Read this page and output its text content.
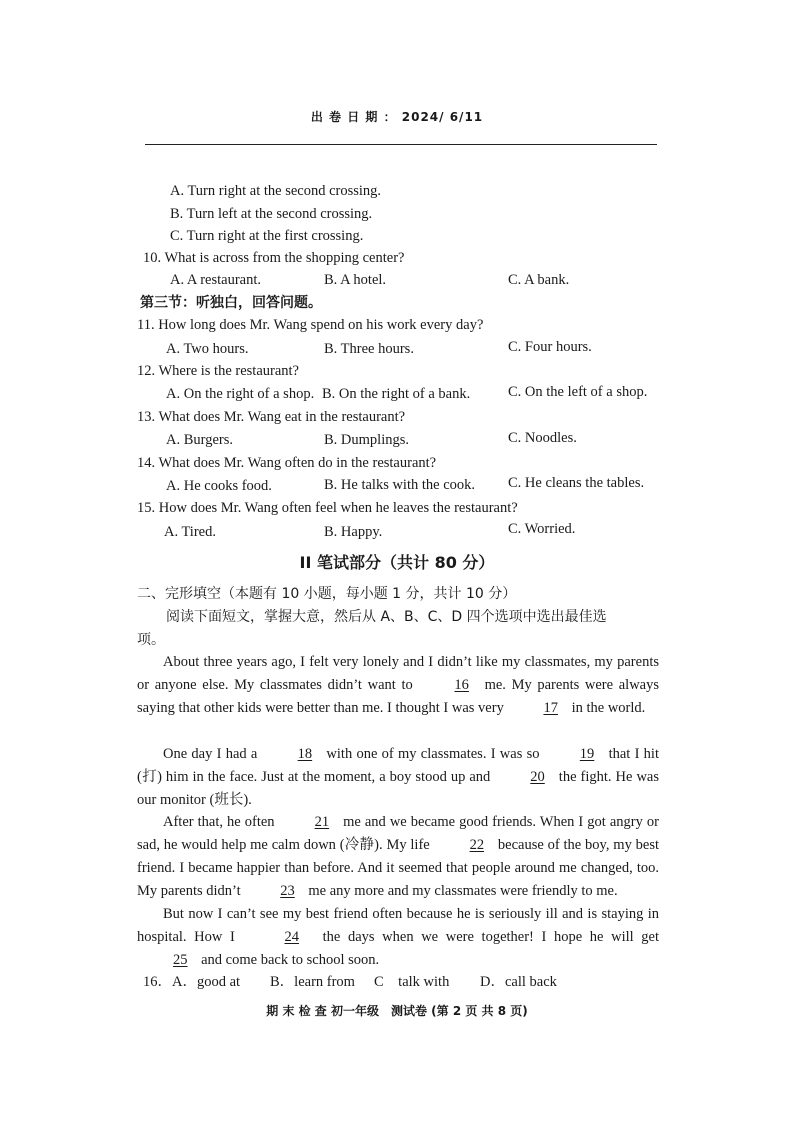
出 卷 日 期 ： 2024/ 6/11
A. Turn right at the second crossing.
B. Turn left at the second crossing.
C. Turn right at the first crossing.
10. What is across from the shopping center?
A. A restaurant.	B. A hotel.	C. A bank.
第三节：听独白，回答问题。
11. How long does Mr. Wang spend on his work every day?
A. Two hours.	B. Three hours.	C. Four hours.
12. Where is the restaurant?
A. On the right of a shop. B. On the right of a bank.	C. On the left of a shop.
13. What does Mr. Wang eat in the restaurant?
A. Burgers.	B. Dumplings.	C. Noodles.
14. What does Mr. Wang often do in the restaurant?
A. He cooks food.	B. He talks with the cook. C. He cleans the tables.
15. How does Mr. Wang often feel when he leaves the restaurant?
A. Tired.	B. Happy.	C. Worried.
II 笔试部分（共计 80 分）
二、完形填空（本题有 10 小题，每小题 1 分，共计 10 分）
阅读下面短文，掌握大意，然后从 A、B、C、D 四个选项中选出最佳选
项。
About three years ago, I felt very lonely and I didn’t like my classmates, my parents or anyone else. My classmates didn’t want to 16 me. My parents were always saying that other kids were better than me. I thought I was very 17 in the world.
One day I had a 18 with one of my classmates. I was so 19 that I hit (打) him in the face. Just at the moment, a boy stood up and 20 the fight. He was our monitor (班长).
After that, he often 21 me and we became good friends. When I got angry or sad, he would help me calm down (冷静). My life 22 because of the boy, my best friend. I became happier than before. And it seemed that people around me changed, too. My parents didn’t 23 me any more and my classmates were friendly to me.
But now I can’t see my best friend often because he is seriously ill and is staying in hospital. How I	24 the days when we were together! I hope he will get 25 and come back to school soon.
16． A．good at B．learn from C　talk with D．call back
期 末 检 查 初一年级　测试卷 (第 2 页 共 8 页)
